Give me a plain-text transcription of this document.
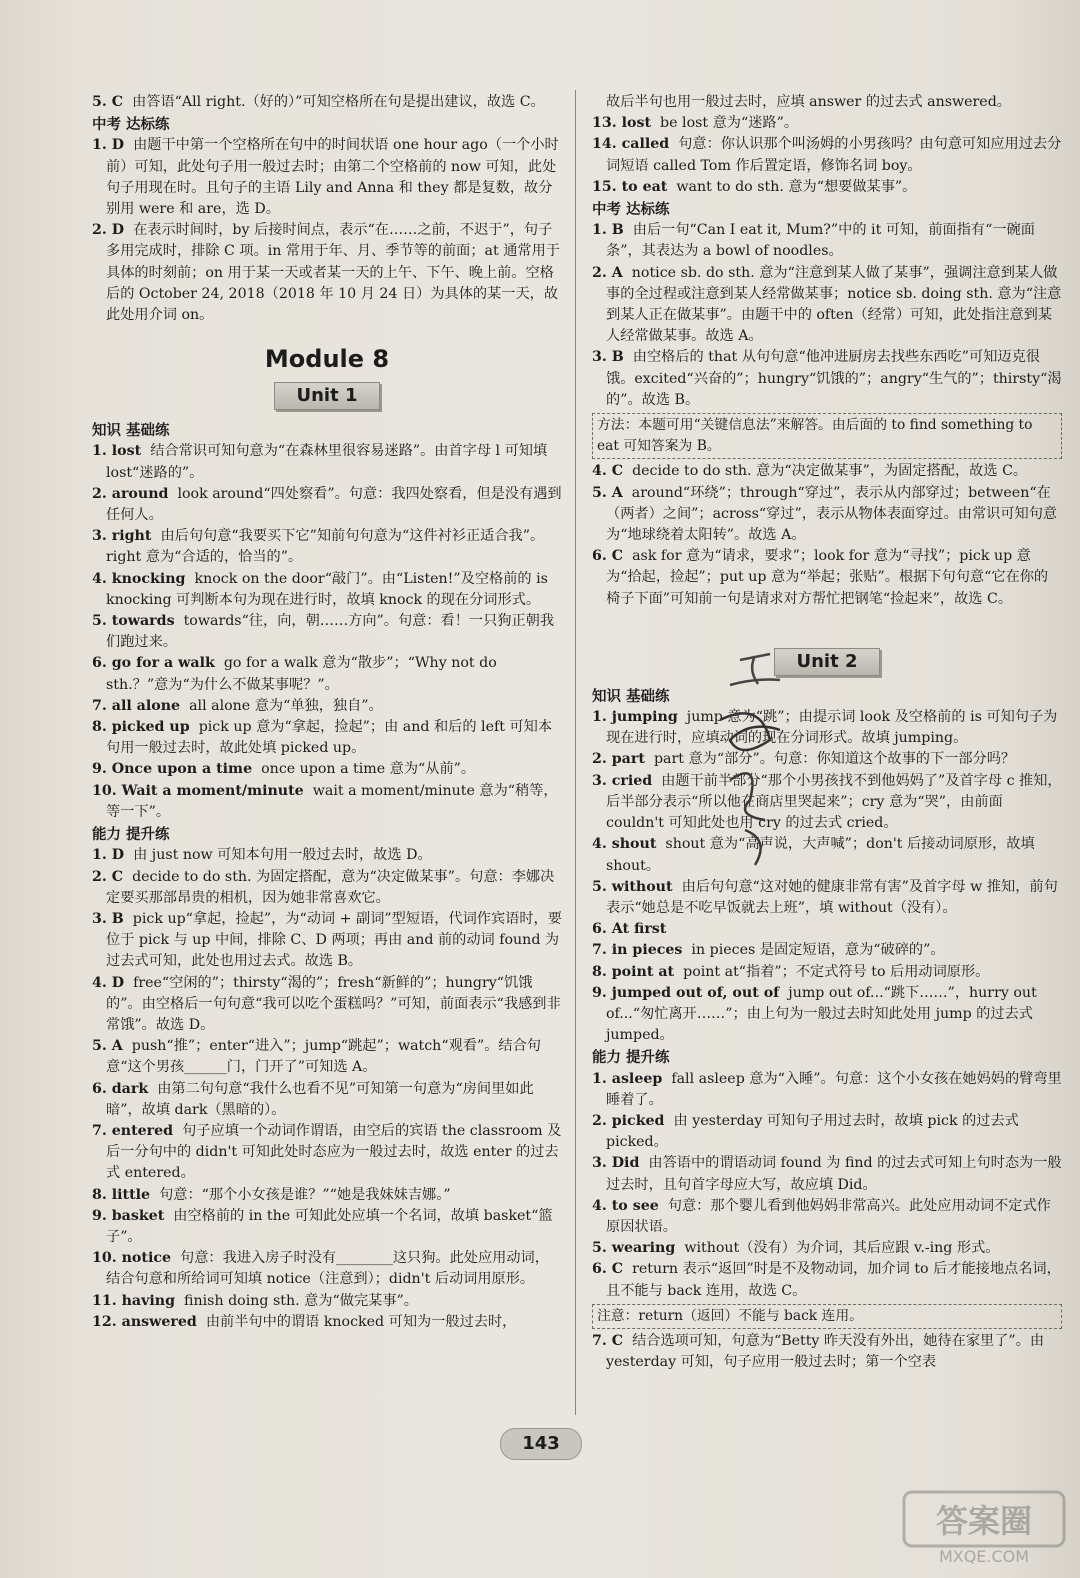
5. C 由答语“All right.（好的）”可知空格所在句是提出建议，故选 C。

中考 达标练

1. D 由题干中第一个空格所在句中的时间状语 one hour ago（一个小时前）可知，此处句子用一般过去时；由第二个空格前的 now 可知，此处句子用现在时。且句子的主语 Lily and Anna 和 they 都是复数，故分别用 were 和 are，选 D。

2. D 在表示时间时，by 后接时间点，表示“在……之前，不迟于”，句子多用完成时，排除 C 项。in 常用于年、月、季节等的前面；at 通常用于具体的时刻前；on 用于某一天或者某一天的上午、下午、晚上前。空格后的 October 24, 2018（2018 年 10 月 24 日）为具体的某一天，故此处用介词 on。

Module 8
Unit 1

知识 基础练

1. lost 结合常识可知句意为“在森林里很容易迷路”。由首字母 l 可知填 lost“迷路的”。

2. around look around“四处察看”。句意：我四处察看，但是没有遇到任何人。

3. right 由后句句意“我要买下它”知前句句意为“这件衬衫正适合我”。right 意为“合适的，恰当的”。

4. knocking knock on the door“敲门”。由“Listen!”及空格前的 is knocking 可判断本句为现在进行时，故填 knock 的现在分词形式。

5. towards towards“往，向，朝……方向”。句意：看！一只狗正朝我们跑过来。

6. go for a walk go for a walk 意为“散步”；“Why not do sth.？”意为“为什么不做某事呢？”。

7. all alone all alone 意为“单独，独自”。

8. picked up pick up 意为“拿起，捡起”；由 and 和后的 left 可知本句用一般过去时，故此处填 picked up。

9. Once upon a time once upon a time 意为“从前”。

10. Wait a moment/minute wait a moment/minute 意为“稍等，等一下”。

能力 提升练

1. D 由 just now 可知本句用一般过去时，故选 D。

2. C decide to do sth. 为固定搭配，意为“决定做某事”。句意：李娜决定要买那部昂贵的相机，因为她非常喜欢它。

3. B pick up“拿起，捡起”，为“动词 + 副词”型短语，代词作宾语时，要位于 pick 与 up 中间，排除 C、D 两项；再由 and 前的动词 found 为过去式可知，此处也用过去式。故选 B。

4. D free“空闲的”；thirsty“渴的”；fresh“新鲜的”；hungry“饥饿的”。由空格后一句句意“我可以吃个蛋糕吗？”可知，前面表示“我感到非常饿”。故选 D。

5. A push“推”；enter“进入”；jump“跳起”；watch“观看”。结合句意“这个男孩______门，门开了”可知选 A。

6. dark 由第二句句意“我什么也看不见”可知第一句意为“房间里如此暗”，故填 dark（黑暗的）。

7. entered 句子应填一个动词作谓语，由空后的宾语 the classroom 及后一分句中的 didn't 可知此处时态应为一般过去时，故选 enter 的过去式 entered。

8. little 句意：“那个小女孩是谁？”“她是我妹妹吉娜。”

9. basket 由空格前的 in the 可知此处应填一个名词，故填 basket“篮子”。

10. notice 句意：我进入房子时没有________这只狗。此处应用动词，结合句意和所给词可知填 notice（注意到）；didn't 后动词用原形。

11. having finish doing sth. 意为“做完某事”。

12. answered 由前半句中的谓语 knocked 可知为一般过去时，

故后半句也用一般过去时，应填 answer 的过去式 answered。

13. lost be lost 意为“迷路”。

14. called 句意：你认识那个叫汤姆的小男孩吗？由句意可知应用过去分词短语 called Tom 作后置定语，修饰名词 boy。

15. to eat want to do sth. 意为“想要做某事”。

中考 达标练

1. B 由后一句“Can I eat it, Mum?”中的 it 可知，前面指有“一碗面条”，其表达为 a bowl of noodles。

2. A notice sb. do sth. 意为“注意到某人做了某事”，强调注意到某人做事的全过程或注意到某人经常做某事；notice sb. doing sth. 意为“注意到某人正在做某事”。由题干中的 often（经常）可知，此处指注意到某人经常做某事。故选 A。

3. B 由空格后的 that 从句句意“他冲进厨房去找些东西吃”可知迈克很饿。excited“兴奋的”；hungry“饥饿的”；angry“生气的”；thirsty“渴的”。故选 B。

方法：本题可用“关键信息法”来解答。由后面的 to find something to eat 可知答案为 B。

4. C decide to do sth. 意为“决定做某事”，为固定搭配，故选 C。

5. A around“环绕”；through“穿过”，表示从内部穿过；between“在（两者）之间”；across“穿过”，表示从物体表面穿过。由常识可知句意为“地球绕着太阳转”。故选 A。

6. C ask for 意为“请求，要求”；look for 意为“寻找”；pick up 意为“拾起，捡起”；put up 意为“举起；张贴”。根据下句句意“它在你的椅子下面”可知前一句是请求对方帮忙把钢笔“捡起来”，故选 C。

Unit 2

知识 基础练

1. jumping jump 意为“跳”；由提示词 look 及空格前的 is 可知句子为现在进行时，应填动词的现在分词形式。故填 jumping。

2. part part 意为“部分”。句意：你知道这个故事的下一部分吗？

3. cried 由题干前半部分“那个小男孩找不到他妈妈了”及首字母 c 推知，后半部分表示“所以他在商店里哭起来”；cry 意为“哭”，由前面 couldn't 可知此处也用 cry 的过去式 cried。

4. shout shout 意为“高声说，大声喊”；don't 后接动词原形，故填 shout。

5. without 由后句句意“这对她的健康非常有害”及首字母 w 推知，前句表示“她总是不吃早饭就去上班”，填 without（没有）。

6. At first

7. in pieces in pieces 是固定短语，意为“破碎的”。

8. point at point at“指着”；不定式符号 to 后用动词原形。

9. jumped out of, out of jump out of...“跳下……”，hurry out of...“匆忙离开……”；由上句为一般过去时知此处用 jump 的过去式 jumped。

能力 提升练

1. asleep fall asleep 意为“入睡”。句意：这个小女孩在她妈妈的臂弯里睡着了。

2. picked 由 yesterday 可知句子用过去时，故填 pick 的过去式 picked。

3. Did 由答语中的谓语动词 found 为 find 的过去式可知上句时态为一般过去时，且句首字母应大写，故应填 Did。

4. to see 句意：那个婴儿看到他妈妈非常高兴。此处应用动词不定式作原因状语。

5. wearing without（没有）为介词，其后应跟 v.-ing 形式。

6. C return 表示“返回”时是不及物动词，加介词 to 后才能接地点名词，且不能与 back 连用，故选 C。

注意：return（返回）不能与 back 连用。

7. C 结合选项可知，句意为“Betty 昨天没有外出，她待在家里了”。由 yesterday 可知，句子应用一般过去时；第一个空表

143
答案圈
MXQE.COM
